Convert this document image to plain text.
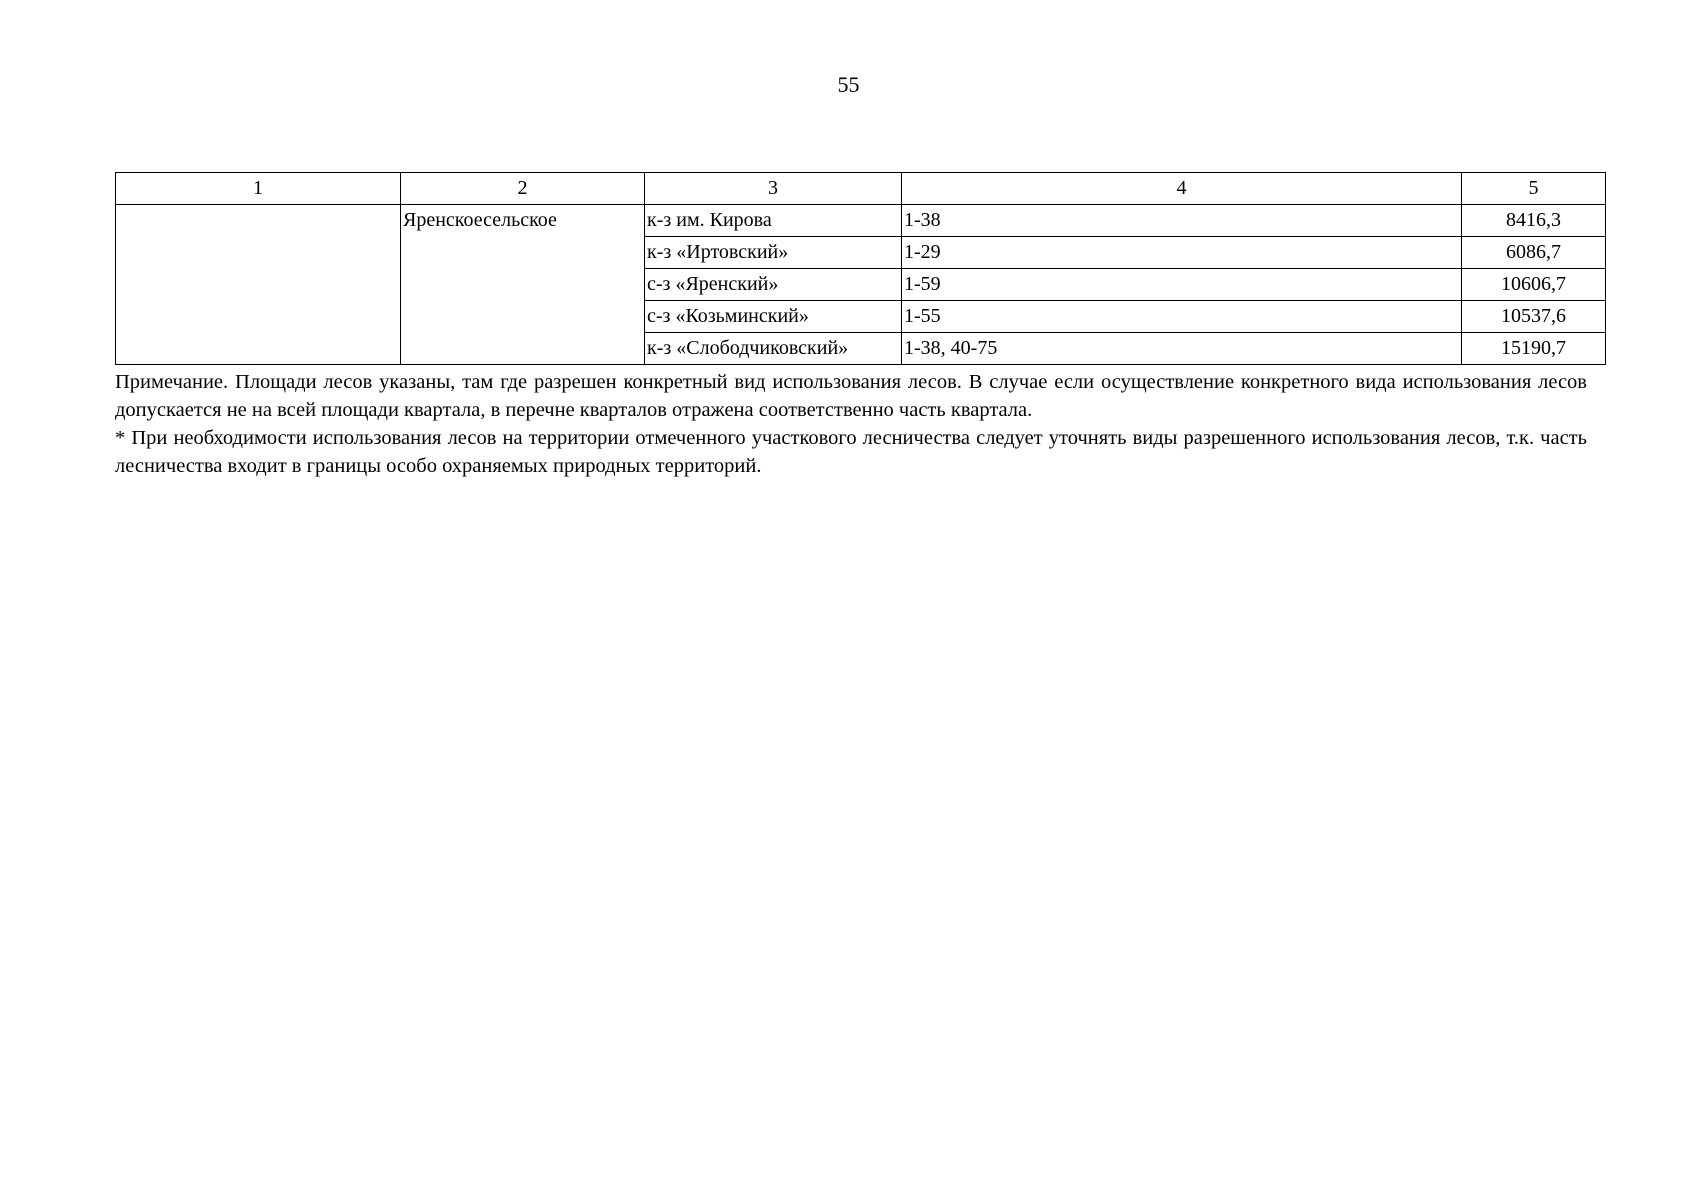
55
1	2	3	4	5
	Яренскоесельское	к-з им. Кирова	1-38	8416,3
		к-з «Иртовский»	1-29	6086,7
		с-з «Яренский»	1-59	10606,7
		с-з «Козьминский»	1-55	10537,6
		к-з «Слободчиковский»	1-38, 40-75	15190,7

Примечание. Площади лесов указаны, там где разрешен конкретный вид использования лесов. В случае если осуществление конкретного вида использования лесов допускается не на всей площади квартала, в перечне кварталов отражена соответственно часть квартала.

* При необходимости использования лесов на территории отмеченного участкового лесничества следует уточнять виды разрешенного использования лесов, т.к. часть лесничества входит в границы особо охраняемых природных территорий.
